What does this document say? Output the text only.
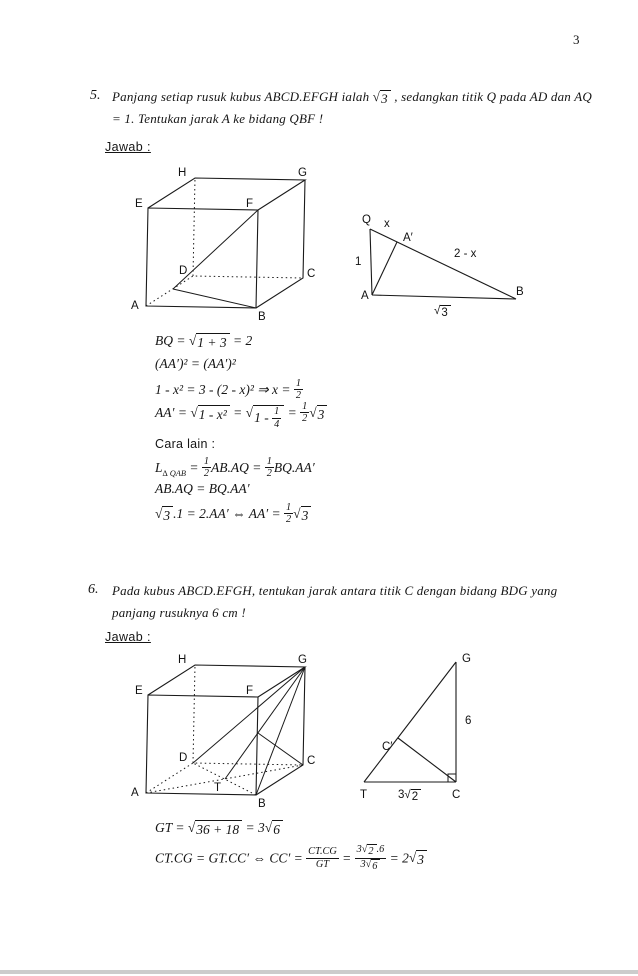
3
5. Panjang setiap rusuk kubus ABCD.EFGH ialah √ 3 , sedangkan titik Q pada AD dan AQ
= 1. Tentukan jarak A ke bidang QBF !
Jawab :
H	G
E	F
D	C
A
B
Q x
A′
2 - x
1
A	B
√ 3
BQ = √ 1 + 3 = 2
(AA′)² = (AA′)²
1 - x² = 3 - (2 - x)² ⇒ $x = \frac{1}{2}$
AA′ = √ 1 - x² = √ $1 - \frac{1}{4} = \frac{1}{2}$ √ 3
Cara lain :
$L_{\Delta QAB} = \frac{1}{2} AB.AQ = \frac{1}{2} BQ.AA'$
AB.AQ = BQ.AA′
√ 3 .1 = 2.AA′ ⇔ $AA' = \frac{1}{2}$ √ 3
6. Pada kubus ABCD.EFGH, tentukan jarak antara titik C dengan bidang BDG yang
panjang rusuknya 6 cm !
Jawab :
H	G
E	F
D	C
A
B
T
G
6
C′
T	3 √ 2	C
GT = √ 36 + 18 = 3 √ 6
CT.CG = GT.CC′ ⇔ $CC' = \frac{CT.CG}{GT} = \frac{3 √ 2 .6}{3 √ 6} = 2$ √ 3
